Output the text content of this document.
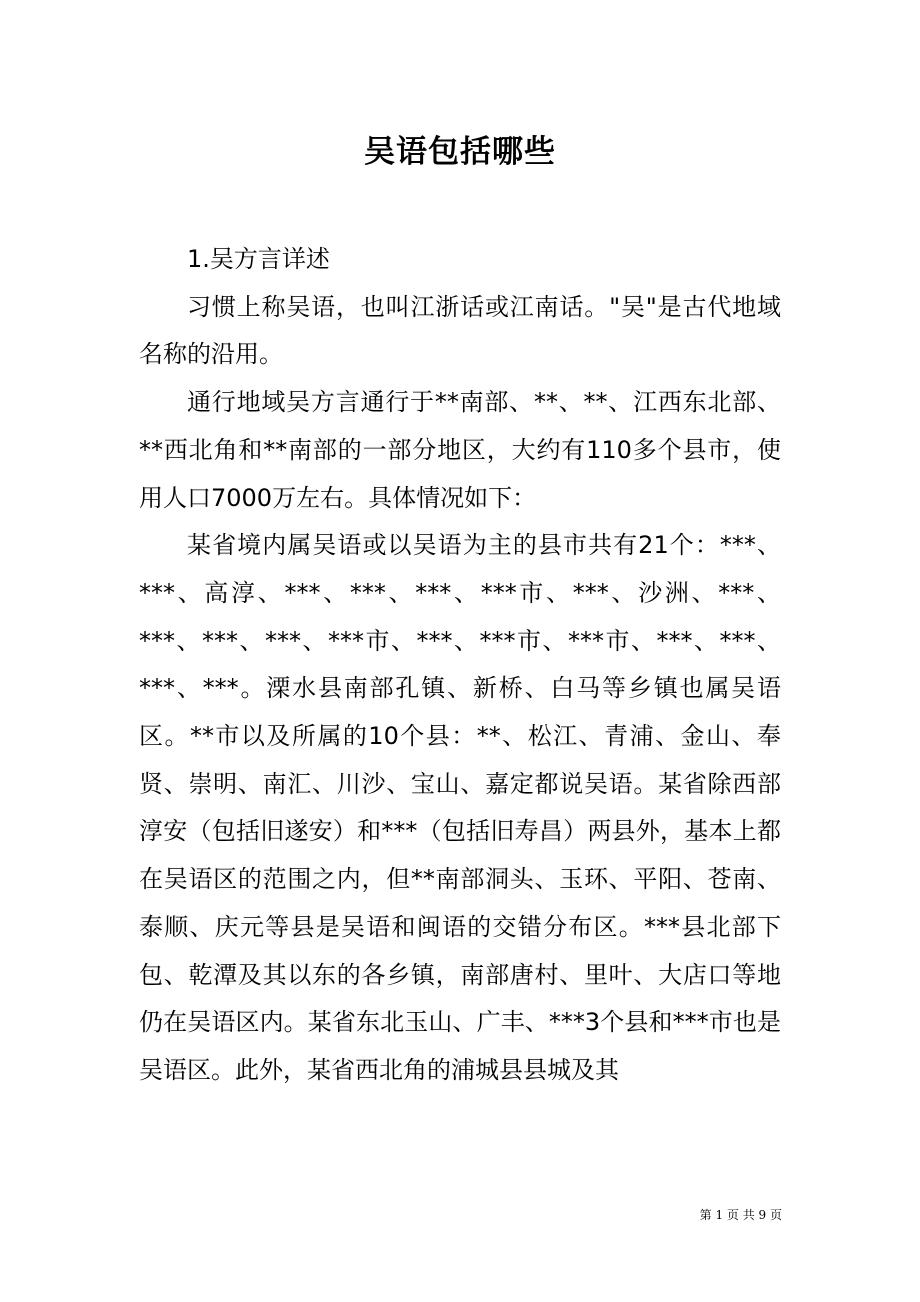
吴语包括哪些

1.吴方言详述

习惯上称吴语，也叫江浙话或江南话。"吴"是古代地域名称的沿用。

通行地域吴方言通行于**南部、**、**、江西东北部、**西北角和**南部的一部分地区，大约有110多个县市，使用人口7000万左右。具体情况如下：

某省境内属吴语或以吴语为主的县市共有21个：***、***、高淳、***、***、***、***市、***、沙洲、***、***、***、***、***市、***、***市、***市、***、***、***、***。溧水县南部孔镇、新桥、白马等乡镇也属吴语区。**市以及所属的10个县：**、松江、青浦、金山、奉贤、崇明、南汇、川沙、宝山、嘉定都说吴语。某省除西部淳安（包括旧遂安）和***（包括旧寿昌）两县外，基本上都在吴语区的范围之内，但**南部洞头、玉环、平阳、苍南、泰顺、庆元等县是吴语和闽语的交错分布区。***县北部下包、乾潭及其以东的各乡镇，南部唐村、里叶、大店口等地仍在吴语区内。某省东北玉山、广丰、***3个县和***市也是吴语区。此外，某省西北角的浦城县县城及其

第 1 页 共 9 页
